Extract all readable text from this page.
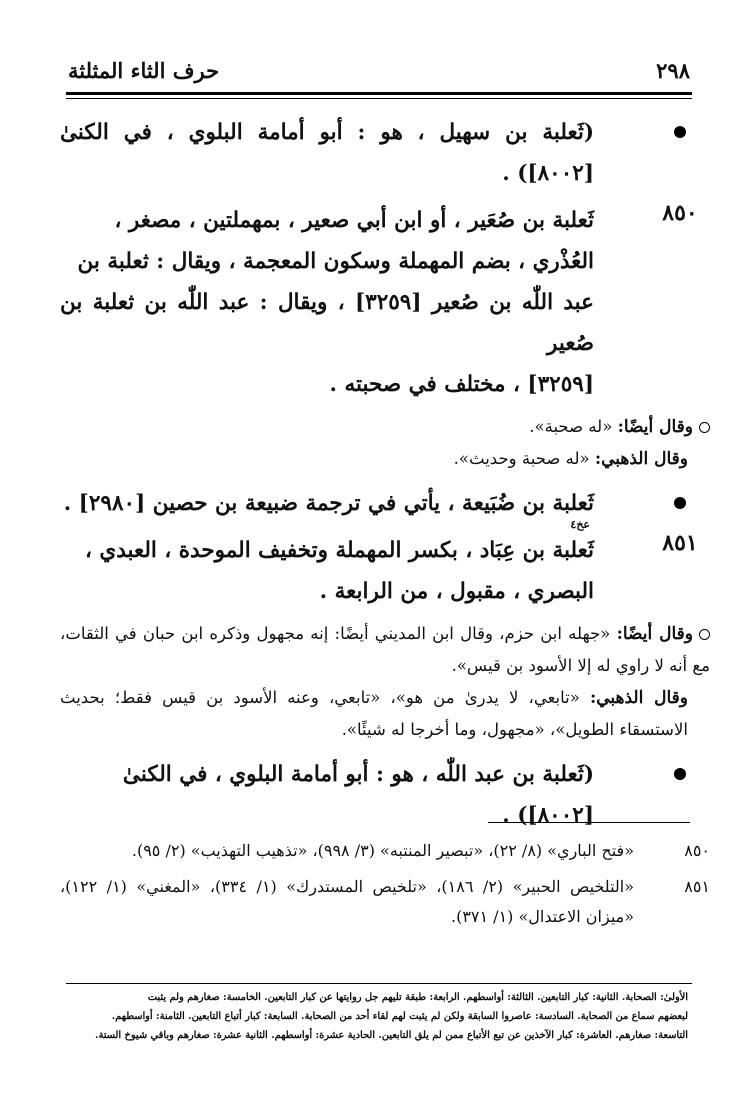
٢٩٨
حرف الثاء المثلثة

(ثَعلبة بن سهيل ، هو : أبو أمامة البلوي ، في الكنىٰ [٨٠٠٢]) .

٨٥٠

ثَعلبة بن صُعَير ، أو ابن أبي صعير ، بمهملتين ، مصغر ،

العُذْري ، بضم المهملة وسكون المعجمة ، ويقال : ثعلبة بن

عبد اللّٰه بن صُعير [٣٢٥٩] ، ويقال : عبد اللّٰه بن ثعلبة بن صُعير

[٣٢٥٩] ، مختلف في صحبته .

وقال أيضًا: «له صحبة».

وقال الذهبي: «له صحبة وحديث».

ثَعلبة بن ضُبَيعة ، يأتي في ترجمة ضبيعة بن حصين [٢٩٨٠] .

٨٥١
عخ٤

ثَعلبة بن عِبَاد ، بكسر المهملة وتخفيف الموحدة ، العبدي ،

البصري ، مقبول ، من الرابعة .

وقال أيضًا: «جهله ابن حزم، وقال ابن المديني أيضًا: إنه مجهول وذكره ابن حبان في الثقات، مع أنه لا راوي له إلا الأسود بن قيس».

وقال الذهبي: «تابعي، لا يدرىٰ من هو»، «تابعي، وعنه الأسود بن قيس فقط؛ بحديث الاستسقاء الطويل»، «مجهول، وما أخرجا له شيئًا».

(ثَعلبة بن عبد اللّٰه ، هو : أبو أمامة البلوي ، في الكنىٰ

[٨٠٠٢]) .

٨٥٠

«فتح الباري» (٨/ ٢٢)، «تبصير المنتبه» (٣/ ٩٩٨)، «تذهيب التهذيب» (٢/ ٩٥).

٨٥١

«التلخيص الحبير» (٢/ ١٨٦)، «تلخيص المستدرك» (١/ ٣٣٤)، «المغني» (١/ ١٢٢)، «ميزان الاعتدال» (١/ ٣٧١).

الأولىٰ: الصحابة. الثانية: كبار التابعين. الثالثة: أواسطهم. الرابعة: طبقة تليهم جل روايتها عن كبار التابعين. الخامسة: صغارهم ولم يثبت

لبعضهم سماع من الصحابة. السادسة: عاصروا السابقة ولكن لم يثبت لهم لقاء أحد من الصحابة. السابعة: كبار أتباع التابعين. الثامنة: أواسطهم.

التاسعة: صغارهم. العاشرة: كبار الآخذين عن تبع الأتباع ممن لم يلق التابعين. الحادية عشرة: أواسطهم. الثانية عشرة: صغارهم وباقي شيوخ الستة.
